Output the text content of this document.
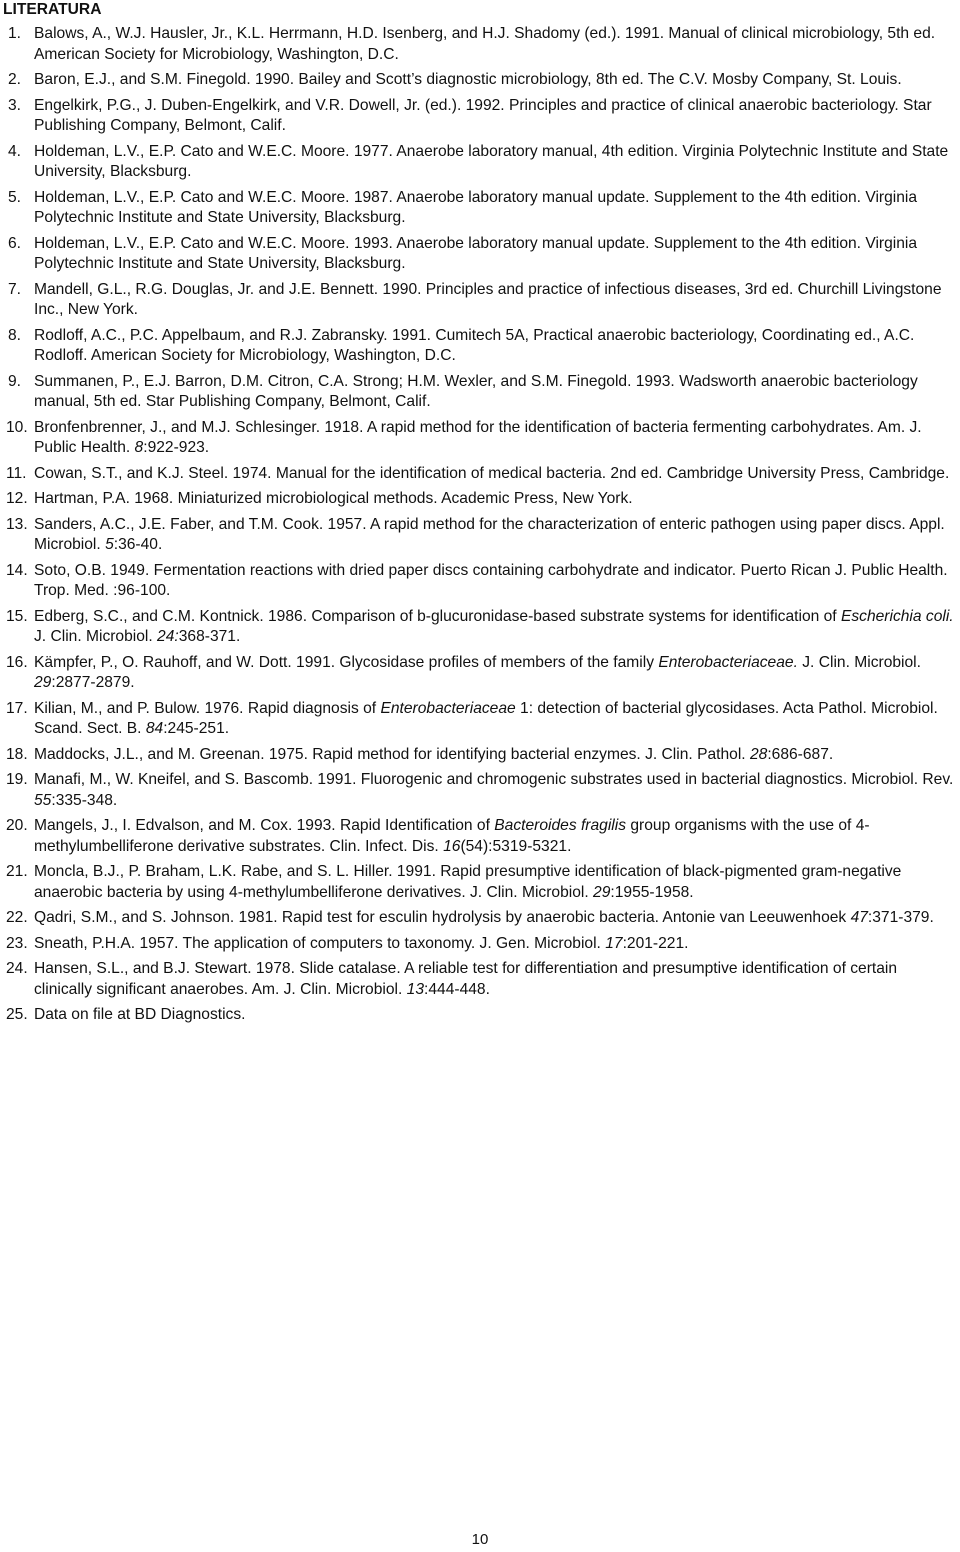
LITERATURA
1. Balows, A., W.J. Hausler, Jr., K.L. Herrmann, H.D. Isenberg, and H.J. Shadomy (ed.). 1991. Manual of clinical microbiology, 5th ed. American Society for Microbiology, Washington, D.C.
2. Baron, E.J., and S.M. Finegold. 1990. Bailey and Scott’s diagnostic microbiology, 8th ed. The C.V. Mosby Company, St. Louis.
3. Engelkirk, P.G., J. Duben-Engelkirk, and V.R. Dowell, Jr. (ed.). 1992. Principles and practice of clinical anaerobic bacteriology. Star Publishing Company, Belmont, Calif.
4. Holdeman, L.V., E.P. Cato and W.E.C. Moore. 1977. Anaerobe laboratory manual, 4th edition. Virginia Polytechnic Institute and State University, Blacksburg.
5. Holdeman, L.V., E.P. Cato and W.E.C. Moore. 1987. Anaerobe laboratory manual update. Supplement to the 4th edition. Virginia Polytechnic Institute and State University, Blacksburg.
6. Holdeman, L.V., E.P. Cato and W.E.C. Moore. 1993. Anaerobe laboratory manual update. Supplement to the 4th edition. Virginia Polytechnic Institute and State University, Blacksburg.
7. Mandell, G.L., R.G. Douglas, Jr. and J.E. Bennett. 1990. Principles and practice of infectious diseases, 3rd ed. Churchill Livingstone Inc., New York.
8. Rodloff, A.C., P.C. Appelbaum, and R.J. Zabransky. 1991. Cumitech 5A, Practical anaerobic bacteriology, Coordinating ed., A.C. Rodloff. American Society for Microbiology, Washington, D.C.
9. Summanen, P., E.J. Barron, D.M. Citron, C.A. Strong; H.M. Wexler, and S.M. Finegold. 1993. Wadsworth anaerobic bacteriology manual, 5th ed. Star Publishing Company, Belmont, Calif.
10. Bronfenbrenner, J., and M.J. Schlesinger. 1918. A rapid method for the identification of bacteria fermenting carbohydrates. Am. J. Public Health. 8:922-923.
11. Cowan, S.T., and K.J. Steel. 1974. Manual for the identification of medical bacteria. 2nd ed. Cambridge University Press, Cambridge.
12. Hartman, P.A. 1968. Miniaturized microbiological methods. Academic Press, New York.
13. Sanders, A.C., J.E. Faber, and T.M. Cook. 1957. A rapid method for the characterization of enteric pathogen using paper discs. Appl. Microbiol. 5:36-40.
14. Soto, O.B. 1949. Fermentation reactions with dried paper discs containing carbohydrate and indicator. Puerto Rican J. Public Health. Trop. Med. :96-100.
15. Edberg, S.C., and C.M. Kontnick. 1986. Comparison of b-glucuronidase-based substrate systems for identification of Escherichia coli. J. Clin. Microbiol. 24:368-371.
16. Kämpfer, P., O. Rauhoff, and W. Dott. 1991. Glycosidase profiles of members of the family Enterobacteriaceae. J. Clin. Microbiol. 29:2877-2879.
17. Kilian, M., and P. Bulow. 1976. Rapid diagnosis of Enterobacteriaceae 1: detection of bacterial glycosidases. Acta Pathol. Microbiol. Scand. Sect. B. 84:245-251.
18. Maddocks, J.L., and M. Greenan. 1975. Rapid method for identifying bacterial enzymes. J. Clin. Pathol. 28:686-687.
19. Manafi, M., W. Kneifel, and S. Bascomb. 1991. Fluorogenic and chromogenic substrates used in bacterial diagnostics. Microbiol. Rev. 55:335-348.
20. Mangels, J., I. Edvalson, and M. Cox. 1993. Rapid Identification of Bacteroides fragilis group organisms with the use of 4-methylumbelliferone derivative substrates. Clin. Infect. Dis. 16(54):5319-5321.
21. Moncla, B.J., P. Braham, L.K. Rabe, and S. L. Hiller. 1991. Rapid presumptive identification of black-pigmented gram-negative anaerobic bacteria by using 4-methylumbelliferone derivatives. J. Clin. Microbiol. 29:1955-1958.
22. Qadri, S.M., and S. Johnson. 1981. Rapid test for esculin hydrolysis by anaerobic bacteria. Antonie van Leeuwenhoek 47:371-379.
23. Sneath, P.H.A. 1957. The application of computers to taxonomy. J. Gen. Microbiol. 17:201-221.
24. Hansen, S.L., and B.J. Stewart. 1978. Slide catalase. A reliable test for differentiation and presumptive identification of certain clinically significant anaerobes. Am. J. Clin. Microbiol. 13:444-448.
25. Data on file at BD Diagnostics.
10
